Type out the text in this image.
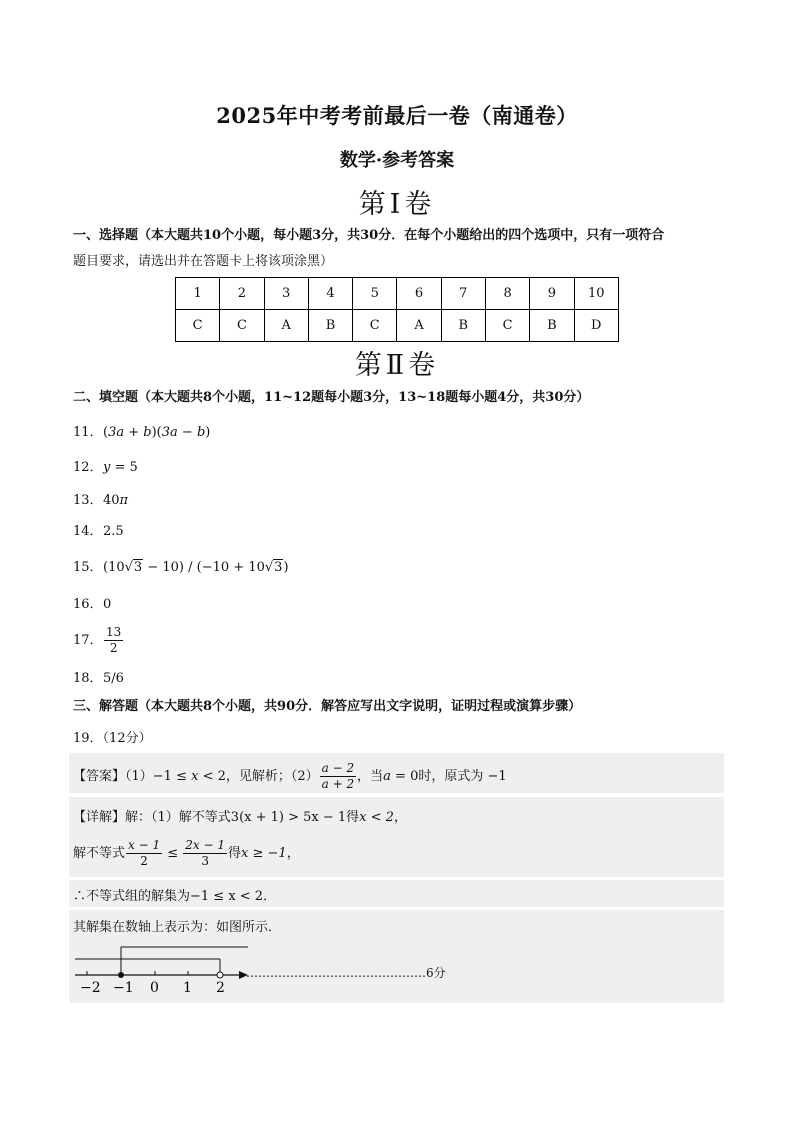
2025年中考考前最后一卷（南通卷）
数学·参考答案
第Ⅰ卷
一、选择题（本大题共10个小题，每小题3分，共30分．在每个小题给出的四个选项中，只有一项符合
题目要求，请选出并在答题卡上将该项涂黑）
1	2	3	4	5	6	7	8	9	10
C	C	A	B	C	A	B	C	B	D
第Ⅱ卷
二、填空题（本大题共8个小题，11~12题每小题3分，13~18题每小题4分，共30分）
11．(3a + b)(3a − b)
12．y = 5
13．40π
14．2.5
15．(10√3 − 10) / (−10 + 10√3)
16．0
17． $\frac{13}{2}$
18．5/6
三、解答题（本大题共8个小题，共90分．解答应写出文字说明，证明过程或演算步骤）
19．（12分）
【答案】（1）−1 ≤ x < 2，见解析；$(2) \frac{a - 2}{a + 2}$ ，当a = 0时，原式为 −1
【详解】解：（1）解不等式3(x + 1) > 5x − 1得x < 2，
解不等式 $\frac{x - 1}{2} \le \frac{2x - 1}{3}$ 得x ≥ −1，
∴不等式组的解集为−1 ≤ x < 2．
其解集在数轴上表示为：如图所示．
−2 −1 0 1 2
………………………………………6分
